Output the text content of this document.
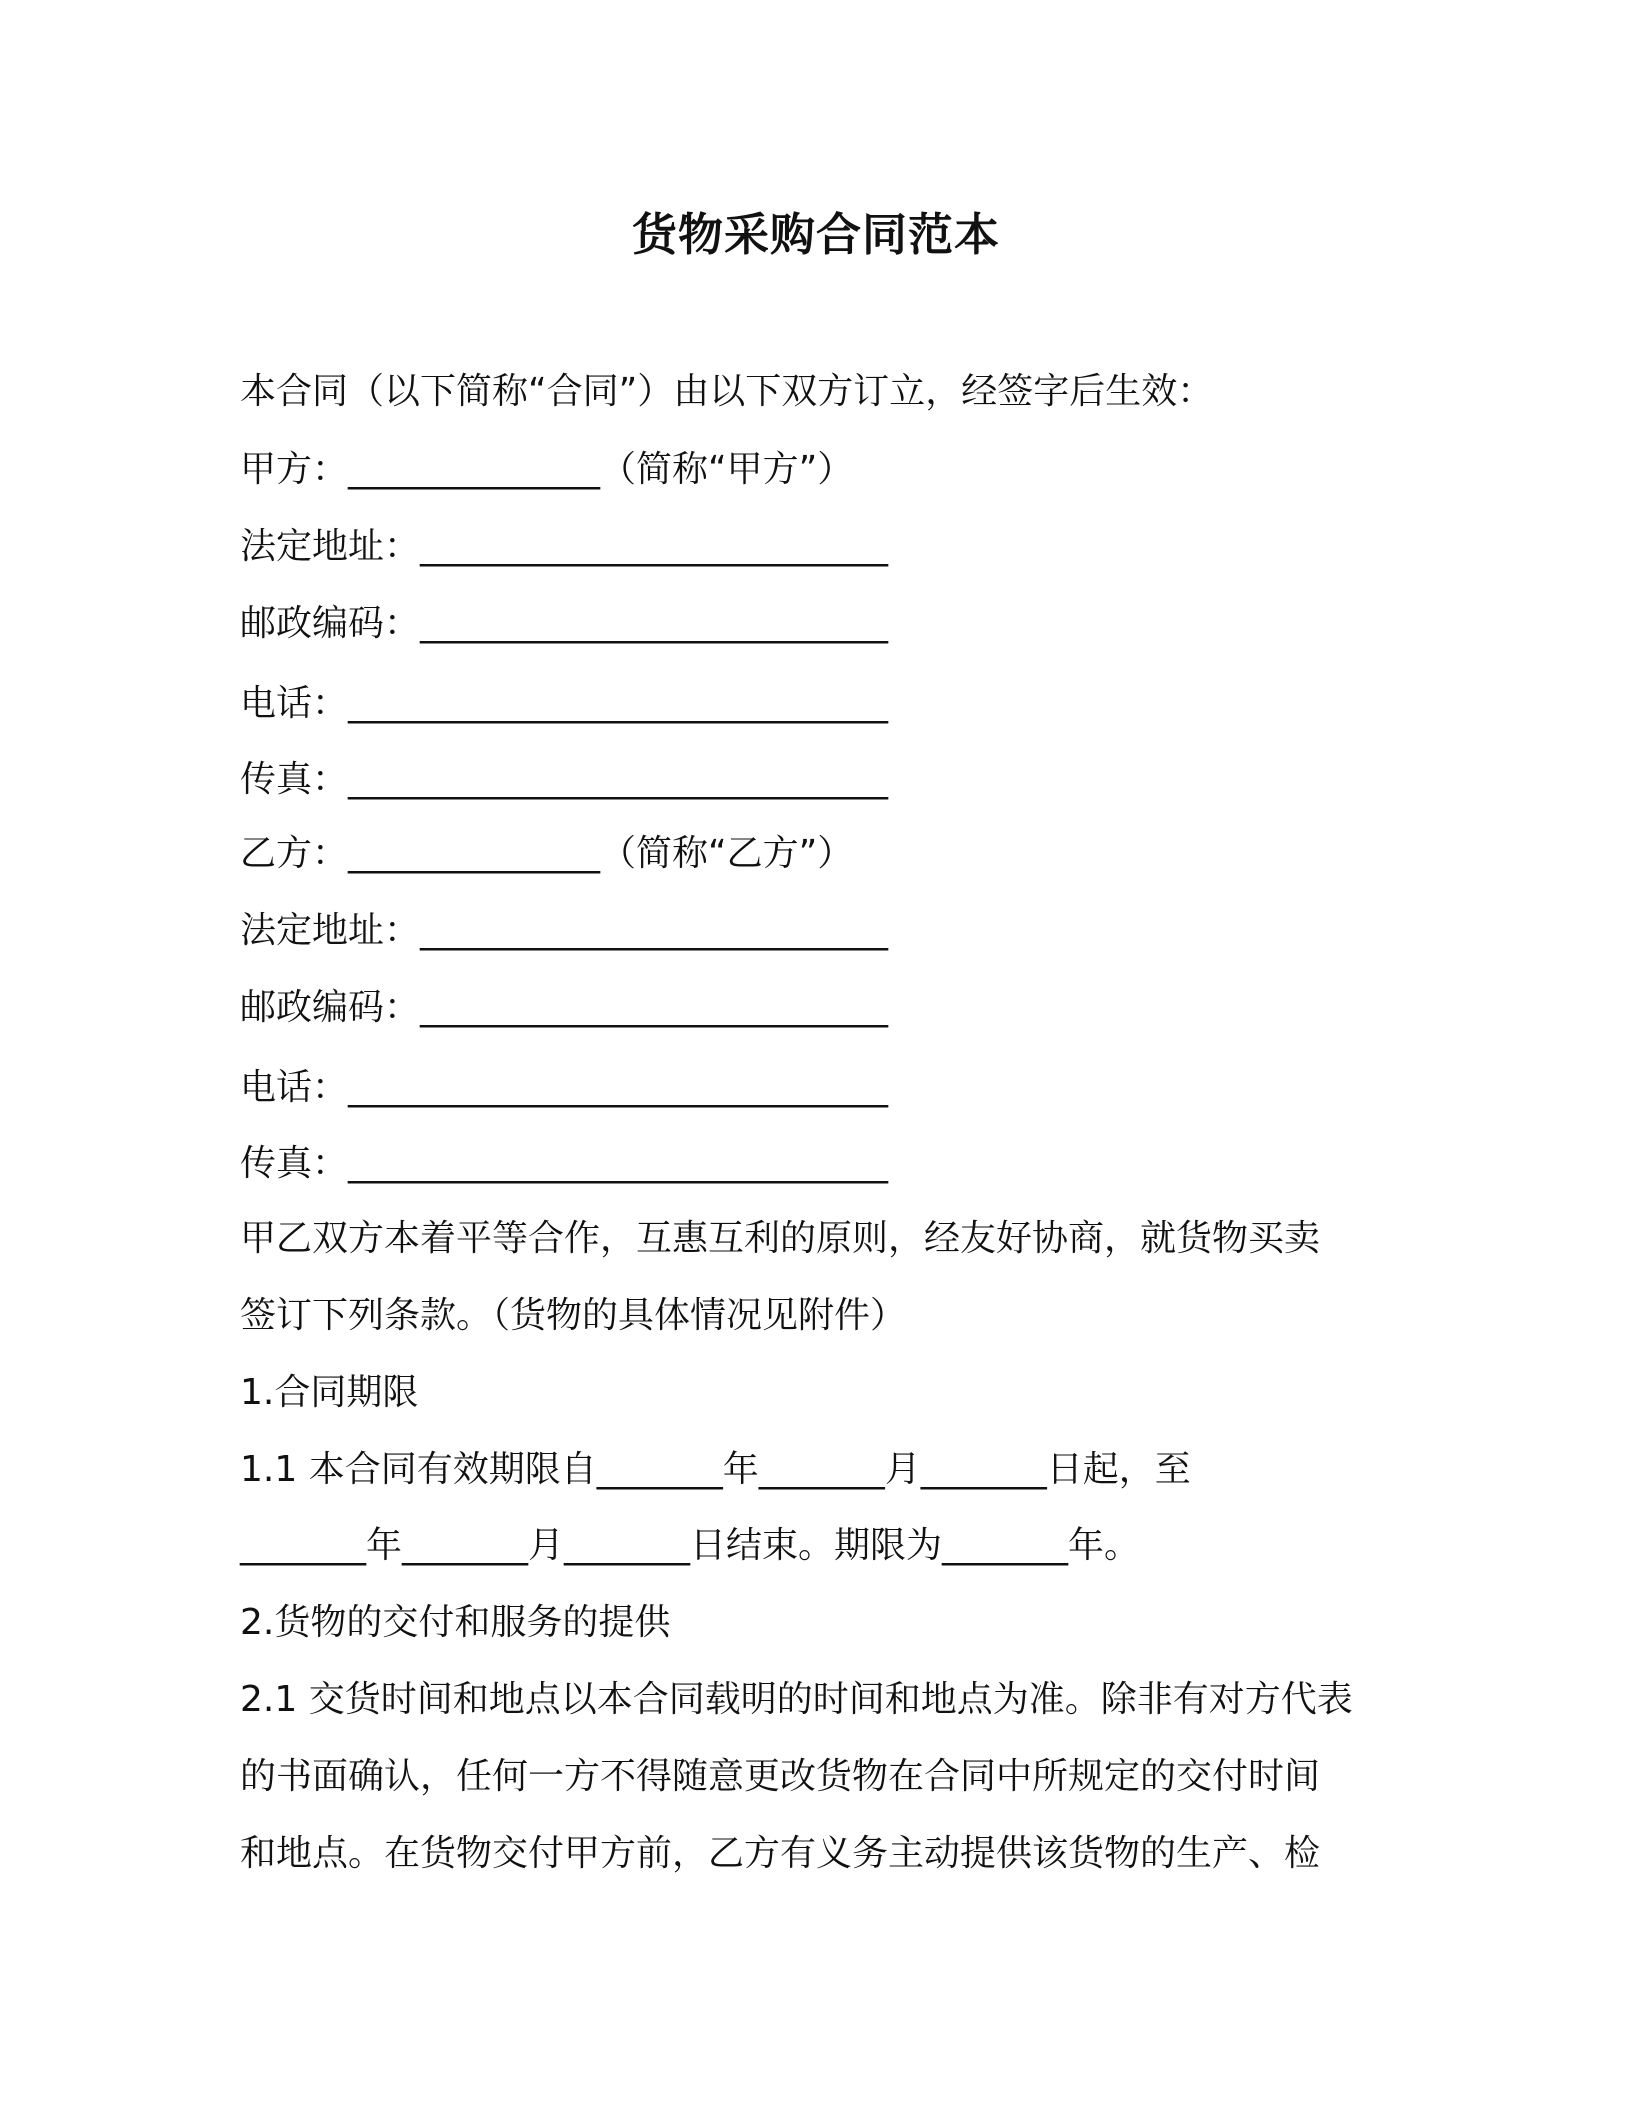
货物采购合同范本
本合同（以下简称“合同”）由以下双方订立，经签字后生效：
甲方：______________（简称“甲方”）
法定地址：__________________________
邮政编码：__________________________
电话：______________________________
传真：______________________________
乙方：______________（简称“乙方”）
法定地址：__________________________
邮政编码：__________________________
电话：______________________________
传真：______________________________
甲乙双方本着平等合作，互惠互利的原则，经友好协商，就货物买卖
签订下列条款。（货物的具体情况见附件）
1.合同期限
1.1 本合同有效期限自_______年_______月_______日起，至
_______年_______月_______日结束。期限为_______年。
2.货物的交付和服务的提供
2.1 交货时间和地点以本合同载明的时间和地点为准。除非有对方代表
的书面确认，任何一方不得随意更改货物在合同中所规定的交付时间
和地点。在货物交付甲方前，乙方有义务主动提供该货物的生产、检
